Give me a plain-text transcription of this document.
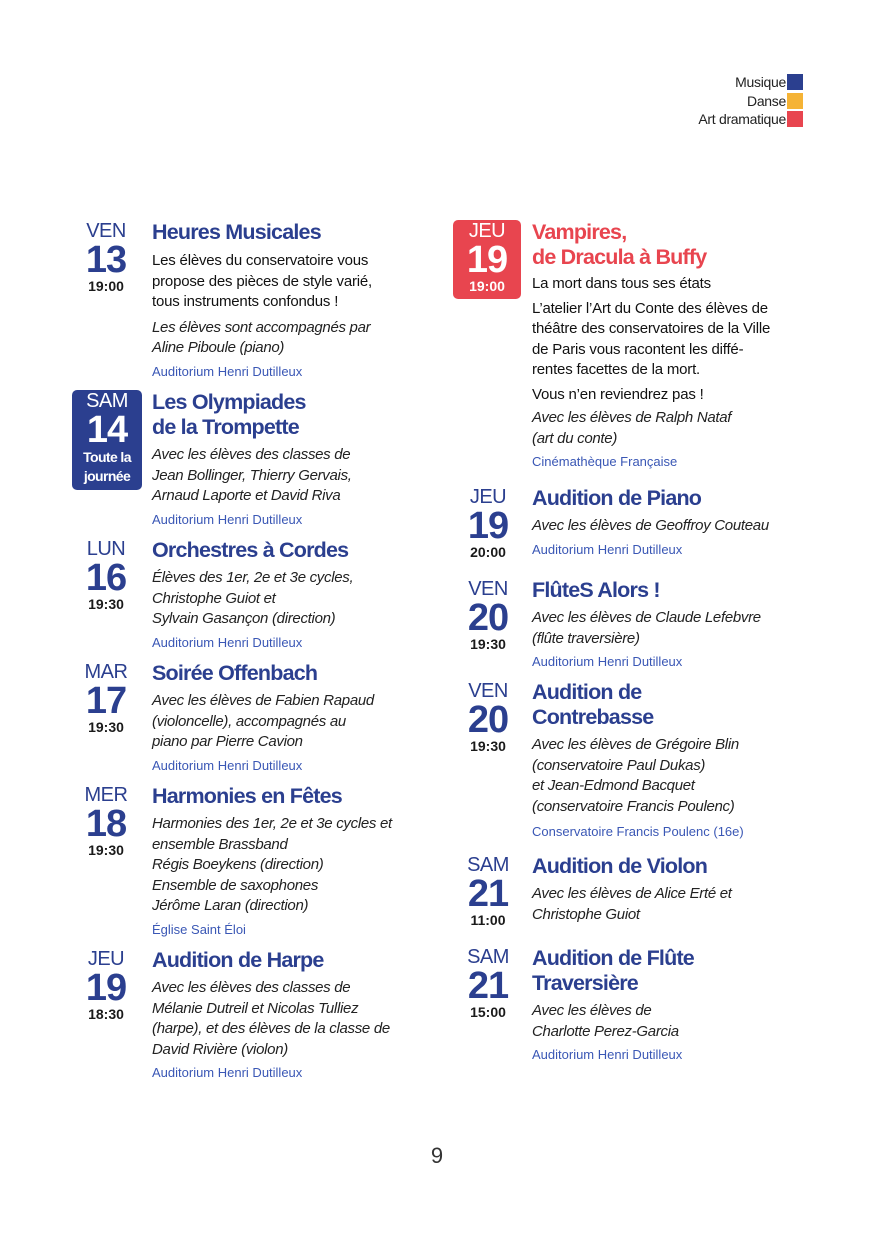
Musique
Danse
Art dramatique
VEN
13
19:00
Heures Musicales
Les élèves du conservatoire vous
propose des pièces de style varié,
tous instruments confondus !
Les élèves sont accompagnés par
Aline Piboule (piano)
Auditorium Henri Dutilleux
SAM
14
Toute la
journée
Les Olympiades
de la Trompette
Avec les élèves des classes de
Jean Bollinger, Thierry Gervais,
Arnaud Laporte et David Riva
Auditorium Henri Dutilleux
LUN
16
19:30
Orchestres à Cordes
Élèves des 1er, 2e et 3e cycles,
Christophe Guiot et
Sylvain Gasançon (direction)
Auditorium Henri Dutilleux
MAR
17
19:30
Soirée Offenbach
Avec les élèves de Fabien Rapaud
(violoncelle), accompagnés au
piano par Pierre Cavion
Auditorium Henri Dutilleux
MER
18
19:30
Harmonies en Fêtes
Harmonies des 1er, 2e et 3e cycles et
ensemble Brassband
Régis Boeykens (direction)
Ensemble de saxophones
Jérôme Laran (direction)
Église Saint Éloi
JEU
19
18:30
Audition de Harpe
Avec les élèves des classes de
Mélanie Dutreil et Nicolas Tulliez
(harpe), et des élèves de la classe de
David Rivière (violon)
Auditorium Henri Dutilleux
JEU
19
19:00
Vampires,
de Dracula à Buffy
La mort dans tous ses états
L’atelier l’Art du Conte des élèves de
théâtre des conservatoires de la Ville
de Paris vous racontent les diffé-
rentes facettes de la mort.
Vous n’en reviendrez pas !
Avec les élèves de Ralph Nataf
(art du conte)
Cinémathèque Française
JEU
19
20:00
Audition de Piano
Avec les élèves de Geoffroy Couteau
Auditorium Henri Dutilleux
VEN
20
19:30
FlûteS Alors !
Avec les élèves de Claude Lefebvre
(flûte traversière)
Auditorium Henri Dutilleux
VEN
20
19:30
Audition de
Contrebasse
Avec les élèves de Grégoire Blin
(conservatoire Paul Dukas)
et Jean-Edmond Bacquet
(conservatoire Francis Poulenc)
Conservatoire Francis Poulenc (16e)
SAM
21
11:00
Audition de Violon
Avec les élèves de Alice Erté et
Christophe Guiot
SAM
21
15:00
Audition de Flûte
Traversière
Avec les élèves de
Charlotte Perez-Garcia
Auditorium Henri Dutilleux
9
